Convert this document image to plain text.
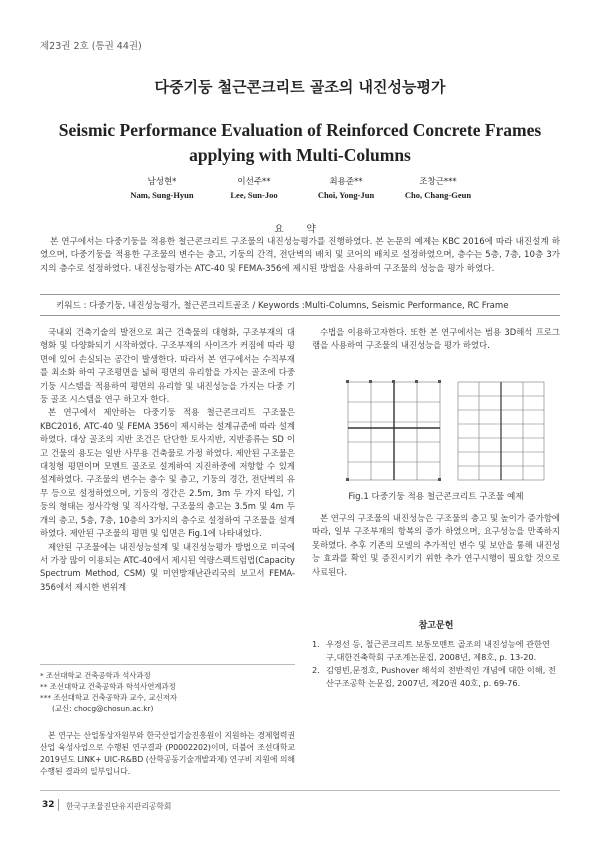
제23권 2호 (통권 44권)
다중기둥 철근콘크리트 골조의 내진성능평가
Seismic Performance Evaluation of Reinforced Concrete Frames applying with Multi-Columns
남성현*
Nam, Sung-Hyun
이선주**
Lee, Sun-Joo
최용준**
Choi, Yong-Jun
조창근***
Cho, Chang-Geun
요 약
본 연구에서는 다중기둥을 적용한 철근콘크리트 구조물의 내진성능평가를 진행하였다. 본 논문의 예제는 KBC 2016에 따라 내진설계 하였으며, 다중기둥을 적용한 구조물의 변수는 층고, 기둥의 간격, 전단벽의 배치 및 코어의 배치로 설정하였으며, 층수는 5층, 7층, 10층 3가지의 층수로 설정하였다. 내진성능평가는 ATC-40 및 FEMA-356에 제시된 방법을 사용하여 구조물의 성능을 평가 하였다.
키워드 : 다중기둥, 내진성능평가, 철근콘크리트골조 / Keywords :Multi-Columns, Seismic Performance, RC Frame

국내외 건축기술의 발전으로 최근 건축물의 대형화, 구조부재의 대형화 및 다양화되기 시작하였다. 구조부재의 사이즈가 커짐에 따라 평면에 있어 손실되는 공간이 발생한다. 따라서 본 연구에서는 수직부재를 최소화 하여 구조평면을 넓혀 평면의 유리함을 가지는 골조에 다중 기둥 시스템을 적용하여 평면의 유리함 및 내진성능을 가지는 다중 기둥 골조 시스템을 연구 하고자 한다.

본 연구에서 제안하는 다중기둥 적용 철근콘크리트 구조물은 KBC2016, ATC-40 및 FEMA 356이 제시하는 설계규준에 따라 설계하였다. 대상 골조의 지반 조건은 단단한 토사지반, 지반종류는 SD 이고 건물의 용도는 일반 사무용 건축물로 가정 하였다. 제안된 구조물은 대칭형 평면이며 모멘트 골조로 설계하여 지진하중에 저항할 수 있게 설계하였다. 구조물의 변수는 층수 및 층고, 기둥의 경간, 전단벽의 유무 등으로 설정하였으며, 기둥의 경간은 2.5m, 3m 두 가지 타입, 기둥의 형태는 정사각형 및 직사각형, 구조물의 층고는 3.5m 및 4m 두 개의 층고, 5층, 7층, 10층의 3가지의 층수로 설정하여 구조물을 설계하였다. 제안된 구조물의 평면 및 입면은 Fig.1에 나타내었다.

제안된 구조물에는 내진성능설계 및 내진성능평가 방법으로 미국에서 가장 많이 이용되는 ATC-40에서 제시된 역량스펙트럼법(Capacity Spectrum Method, CSM) 및 미연방재난관리국의 보고서 FEMA-356에서 제시한 변위계

수법을 이용하고자한다. 또한 본 연구에서는 범용 3D해석 프로그램을 사용하여 구조물의 내진성능을 평가 하였다.

Fig.1 다중기둥 적용 철근콘크리트 구조물 예제

본 연구의 구조물의 내진성능은 구조물의 층고 및 높이가 증가함에 따라, 일부 구조부재의 항복의 증가 하였으며, 요구성능을 만족하지 못하였다. 추후 기존의 모델의 추가적인 변수 및 보안을 통해 내진성능 효과를 확인 및 증진시키기 위한 추가 연구시행이 필요할 것으로 사료된다.

참고문헌
1. 우경선 등, 철근콘크리트 보통모멘트 골조의 내진성능에 관한연구,대한건축학회 구조계논문집, 2008년, 제8호, p. 13-20.
2. 김영빈,문정호, Pushover 해석의 전반적인 개념에 대한 이해, 전산구조공학 논문집, 2007년, 제20권 40호, p. 69-76.
* 조선대학교 건축공학과 석사과정
** 조선대학교 건축공학과 학석사연계과정
*** 조선대학교 건축공학과 교수, 교신저자
(교신: chocg@chosun.ac.kr)

본 연구는 산업통상자원부와 한국산업기술진흥원이 지원하는 경제협력권산업 육성사업으로 수행된 연구결과 (P0002202)이며, 더불어 조선대학교 2019년도 LINK+ UIC-R&BD (산학공동기술개발과제) 연구비 지원에 의해 수행된 결과의 일부입니다.

32 한국구조물진단유지관리공학회
